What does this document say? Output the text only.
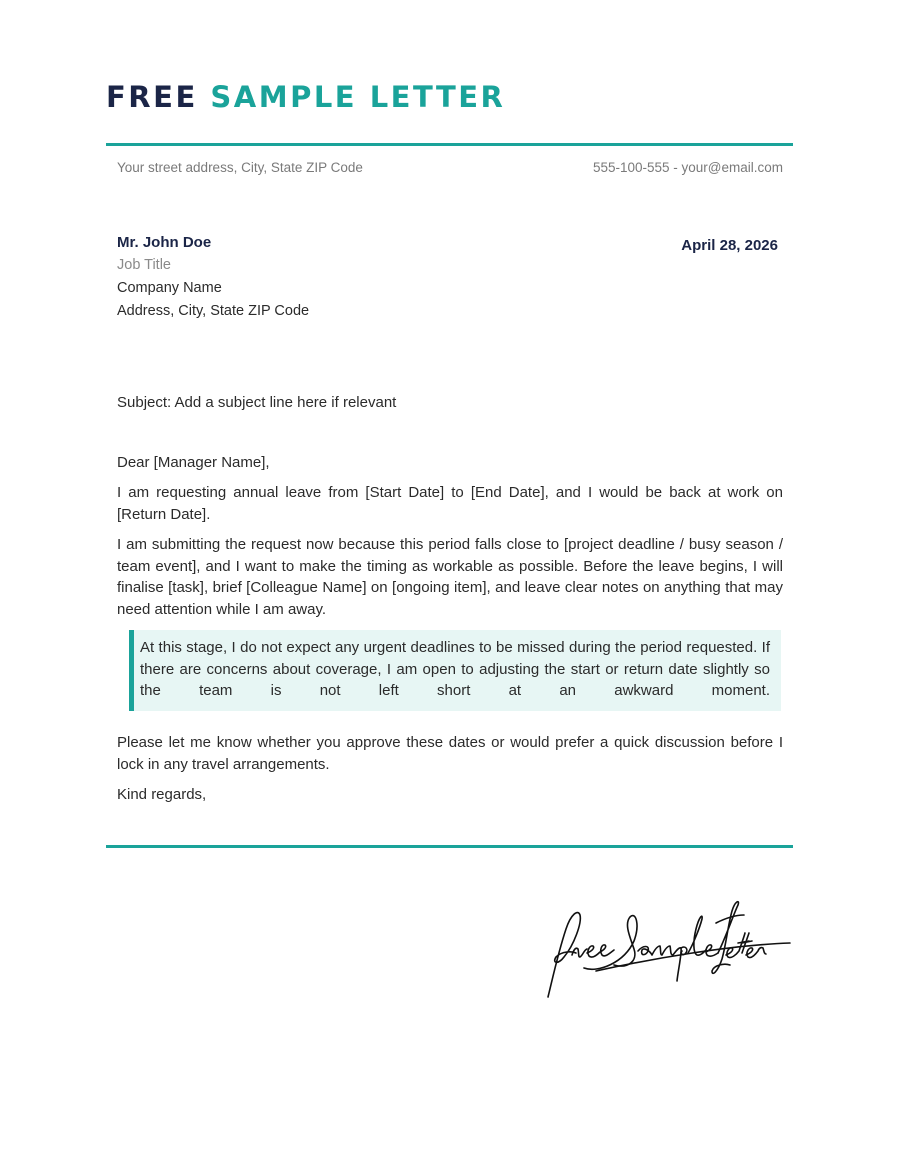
FREE SAMPLE LETTER
Your street address, City, State ZIP Code	555-100-555 - your@email.com
Mr. John Doe
Job Title
Company Name
Address, City, State ZIP Code
April 28, 2026
Subject: Add a subject line here if relevant
Dear [Manager Name],
I am requesting annual leave from [Start Date] to [End Date], and I would be back at work on [Return Date].
I am submitting the request now because this period falls close to [project deadline / busy season / team event], and I want to make the timing as workable as possible. Before the leave begins, I will finalise [task], brief [Colleague Name] on [ongoing item], and leave clear notes on anything that may need attention while I am away.

At this stage, I do not expect any urgent deadlines to be missed during the period requested. If there are concerns about coverage, I am open to adjusting the start or return date slightly so the team is not left short at an awkward moment.

Please let me know whether you approve these dates or would prefer a quick discussion before I lock in any travel arrangements.
Kind regards,
